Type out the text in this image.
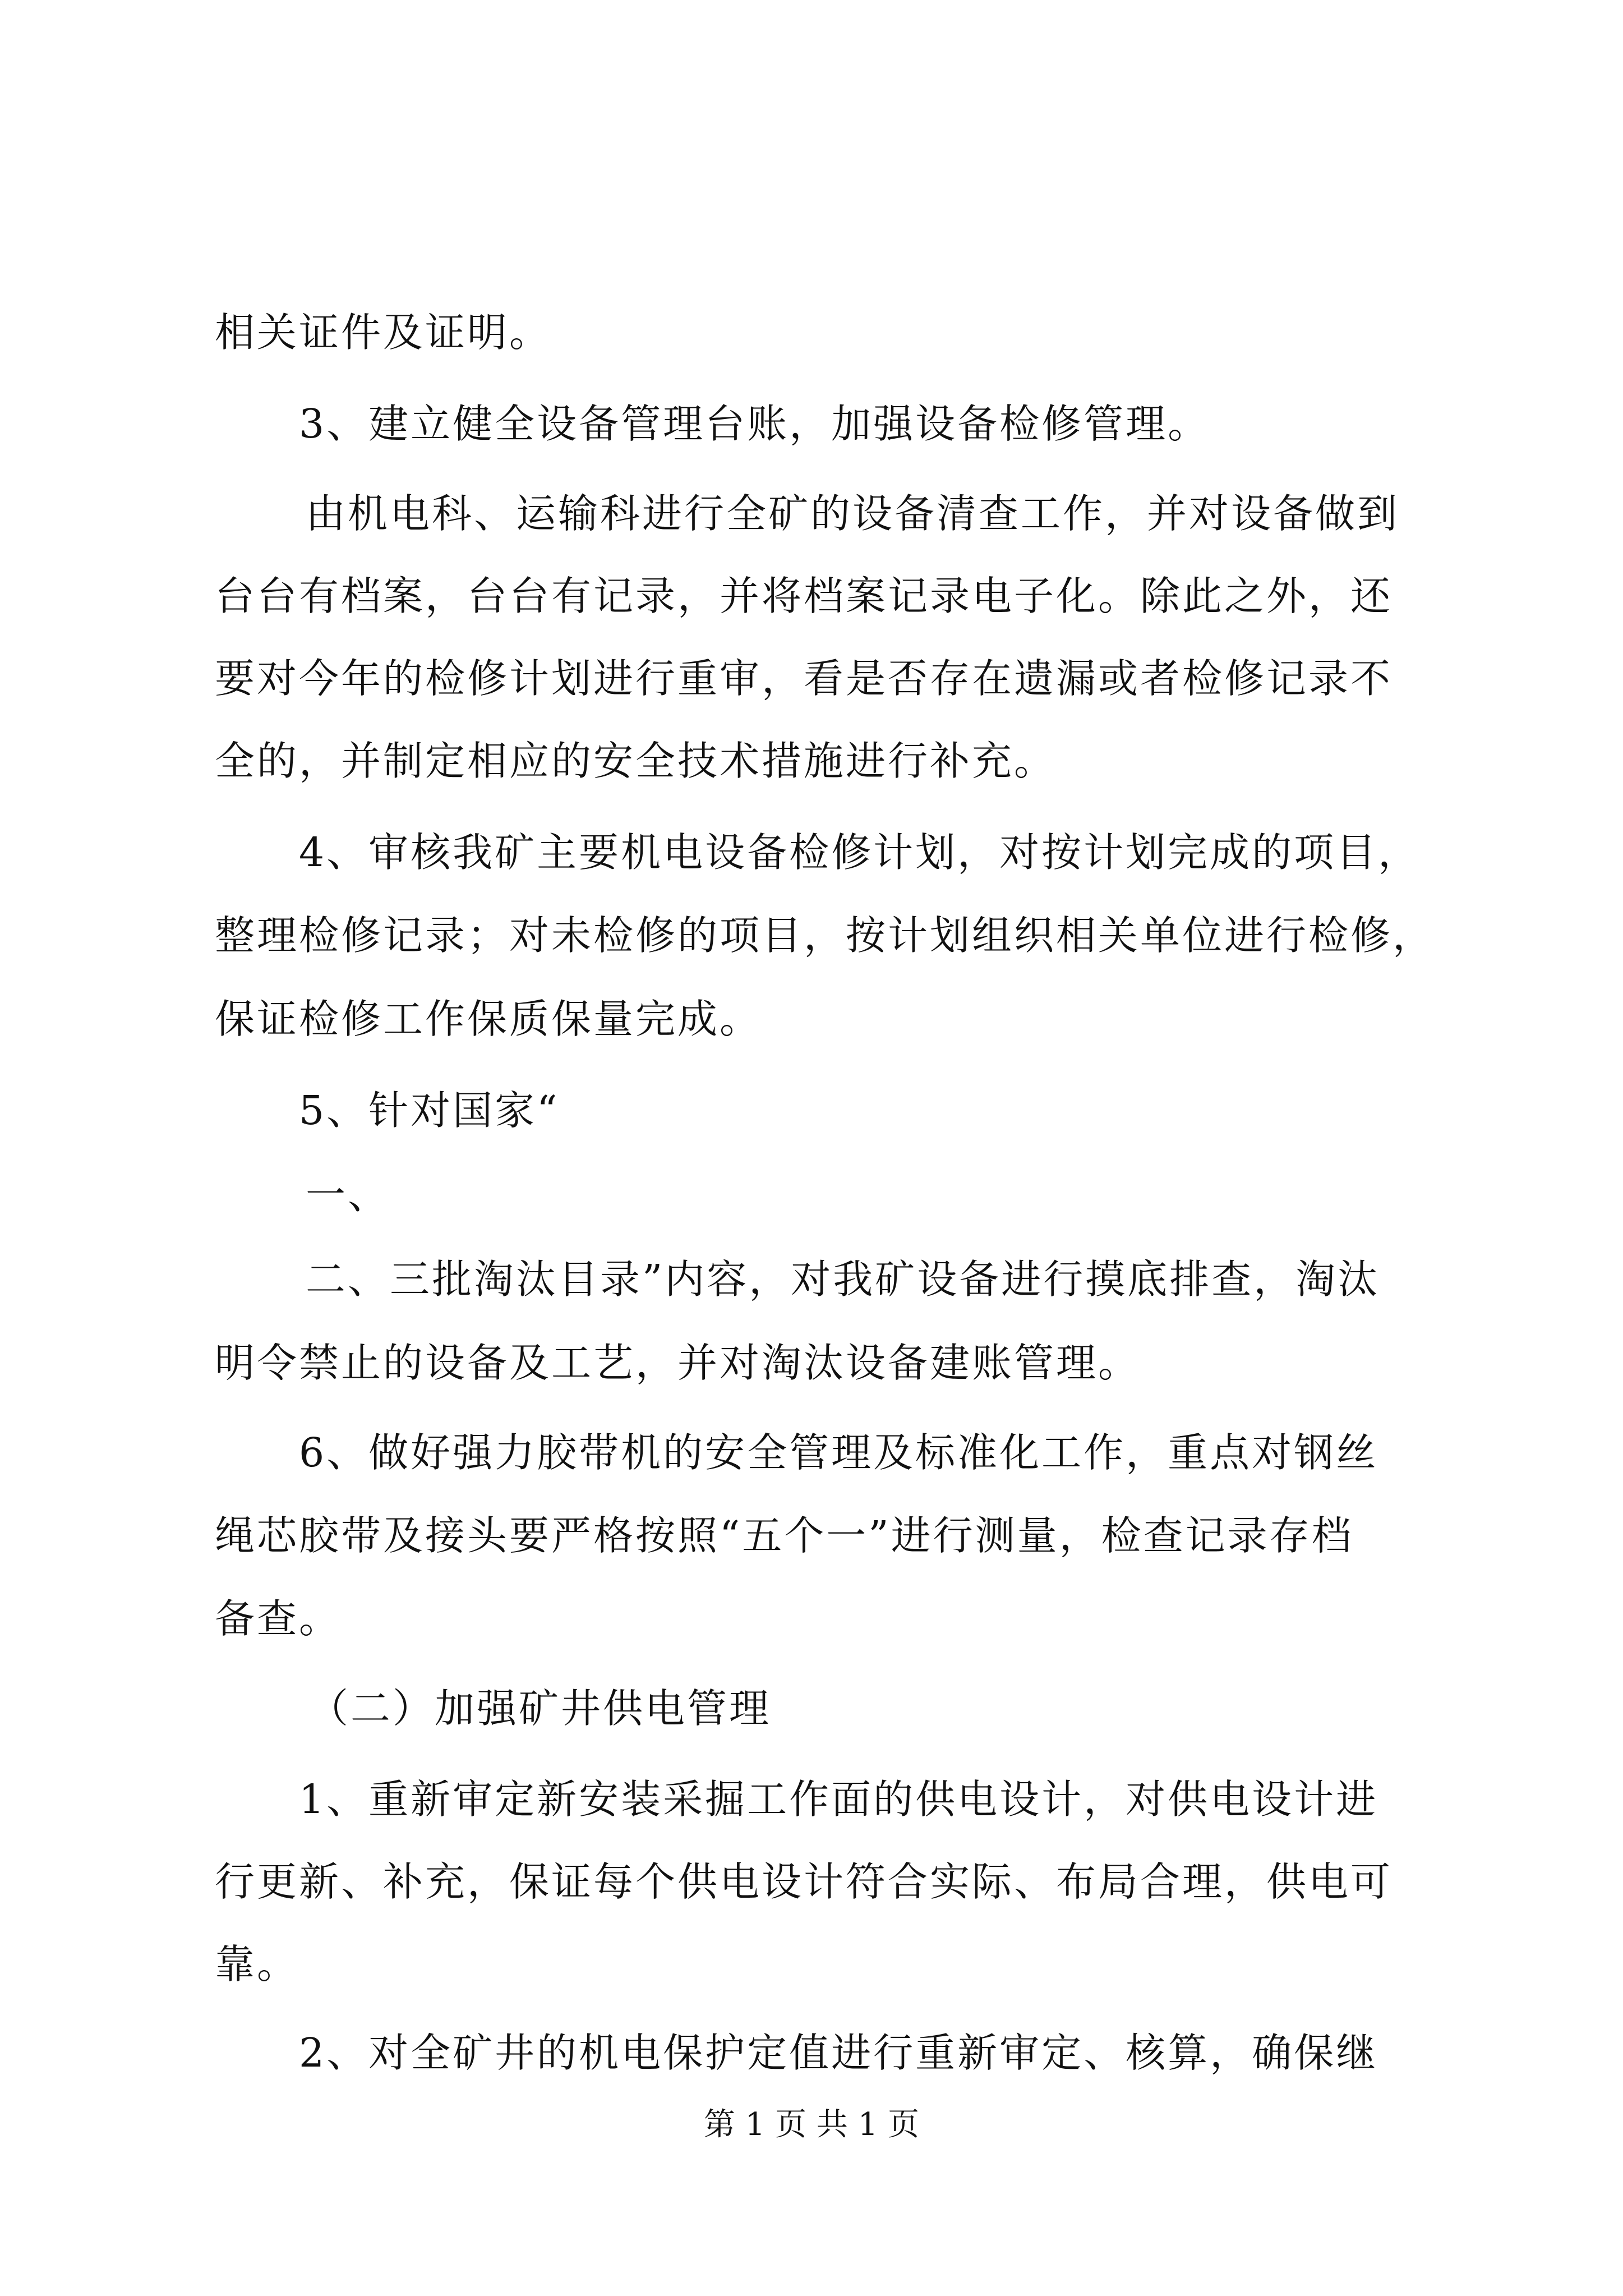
相关证件及证明。
3、建立健全设备管理台账，加强设备检修管理。
由机电科、运输科进行全矿的设备清查工作，并对设备做到
台台有档案，台台有记录，并将档案记录电子化。除此之外，还
要对今年的检修计划进行重审，看是否存在遗漏或者检修记录不
全的，并制定相应的安全技术措施进行补充。
4、审核我矿主要机电设备检修计划，对按计划完成的项目，
整理检修记录；对未检修的项目，按计划组织相关单位进行检修，
保证检修工作保质保量完成。
5、针对国家“
一、
二、三批淘汰目录”内容，对我矿设备进行摸底排查，淘汰
明令禁止的设备及工艺，并对淘汰设备建账管理。
6、做好强力胶带机的安全管理及标准化工作，重点对钢丝
绳芯胶带及接头要严格按照“五个一”进行测量，检查记录存档
备查。
（二）加强矿井供电管理
1、重新审定新安装采掘工作面的供电设计，对供电设计进
行更新、补充，保证每个供电设计符合实际、布局合理，供电可
靠。
2、对全矿井的机电保护定值进行重新审定、核算，确保继
第 1 页 共 1 页
